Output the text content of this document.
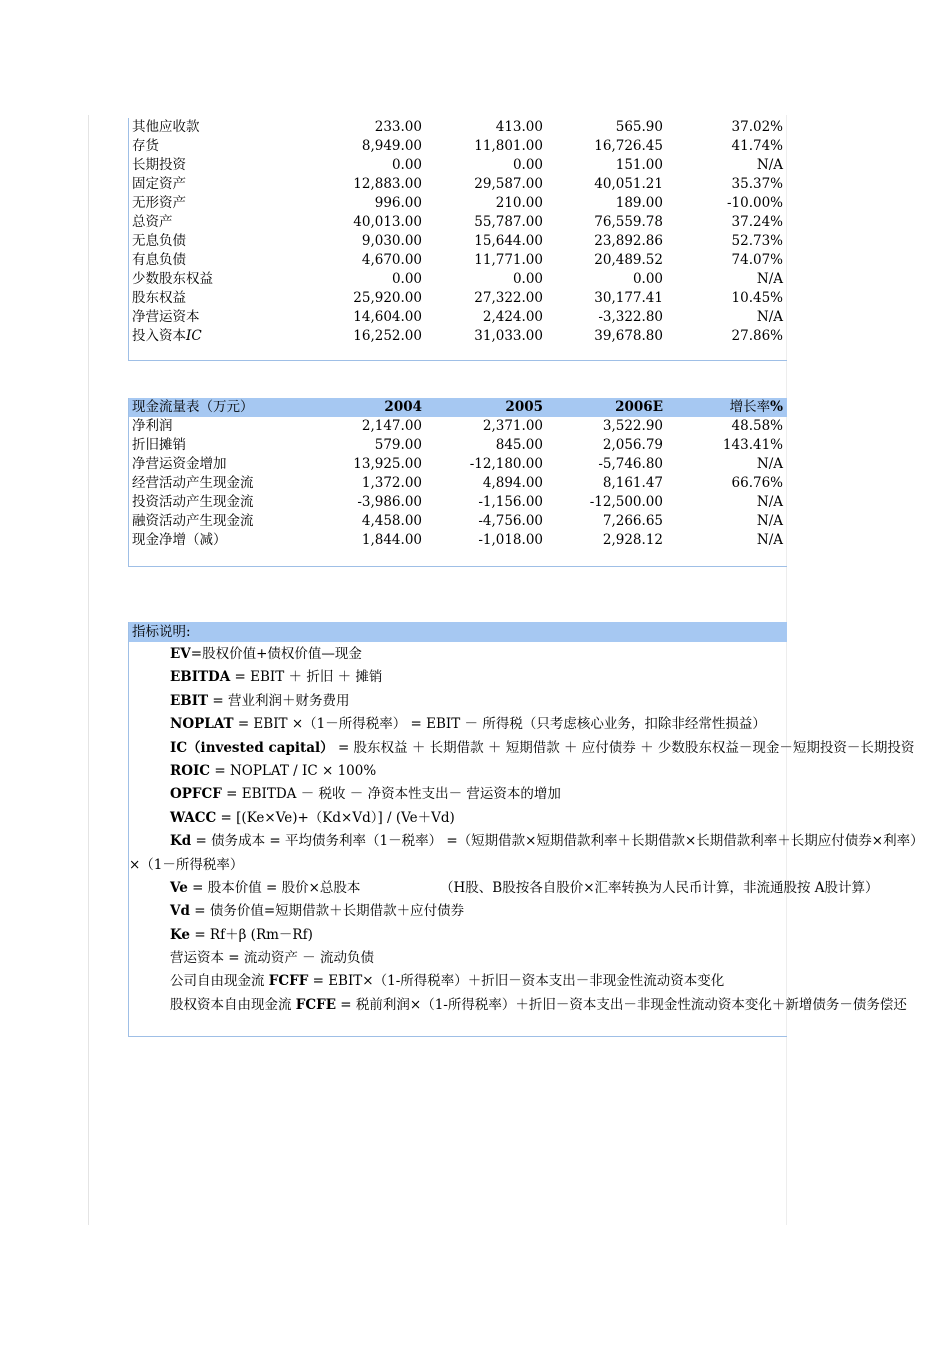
其他应收款	233.00	413.00	565.90	37.02%
存货	8,949.00	11,801.00	16,726.45	41.74%
长期投资	0.00	0.00	151.00	N/A
固定资产	12,883.00	29,587.00	40,051.21	35.37%
无形资产	996.00	210.00	189.00	-10.00%
总资产	40,013.00	55,787.00	76,559.78	37.24%
无息负债	9,030.00	15,644.00	23,892.86	52.73%
有息负债	4,670.00	11,771.00	20,489.52	74.07%
少数股东权益	0.00	0.00	0.00	N/A
股东权益	25,920.00	27,322.00	30,177.41	10.45%
净营运资本	14,604.00	2,424.00	-3,322.80	N/A
投入资本IC	16,252.00	31,033.00	39,678.80	27.86%
现金流量表（万元）	2004	2005	2006E	增长率%
净利润	2,147.00	2,371.00	3,522.90	48.58%
折旧摊销	579.00	845.00	2,056.79	143.41%
净营运资金增加	13,925.00	-12,180.00	-5,746.80	N/A
经营活动产生现金流	1,372.00	4,894.00	8,161.47	66.76%
投资活动产生现金流	-3,986.00	-1,156.00	-12,500.00	N/A
融资活动产生现金流	4,458.00	-4,756.00	7,266.65	N/A
现金净增（减）	1,844.00	-1,018.00	2,928.12	N/A
指标说明:
EV=股权价值+债权价值—现金
EBITDA = EBIT ＋ 折旧 ＋ 摊销
EBIT = 营业利润＋财务费用
NOPLAT = EBIT ×（1－所得税率） = EBIT － 所得税（只考虑核心业务，扣除非经常性损益）
IC（invested capital） = 股东权益 ＋ 长期借款 ＋ 短期借款 ＋ 应付债券 ＋ 少数股东权益－现金－短期投资－长期投资
ROIC = NOPLAT / IC × 100%
OPFCF = EBITDA － 税收 － 净资本性支出－ 营运资本的增加
WACC = [(Ke×Ve)+（Kd×Vd）] / (Ve＋Vd)
Kd = 债务成本 = 平均债务利率（1－税率） =（短期借款×短期借款利率＋长期借款×长期借款利率＋长期应付债券×利率）
×（1－所得税率）
Ve = 股本价值 = 股价×总股本	（H股、B股按各自股价×汇率转换为人民币计算，非流通股按 A股计算）
Vd = 债务价值=短期借款＋长期借款＋应付债券
Ke = Rf＋β (Rm－Rf)
营运资本 = 流动资产 － 流动负债
公司自由现金流 FCFF = EBIT×（1-所得税率）＋折旧－资本支出－非现金性流动资本变化
股权资本自由现金流 FCFE = 税前利润×（1-所得税率）＋折旧－资本支出－非现金性流动资本变化＋新增债务－债务偿还
